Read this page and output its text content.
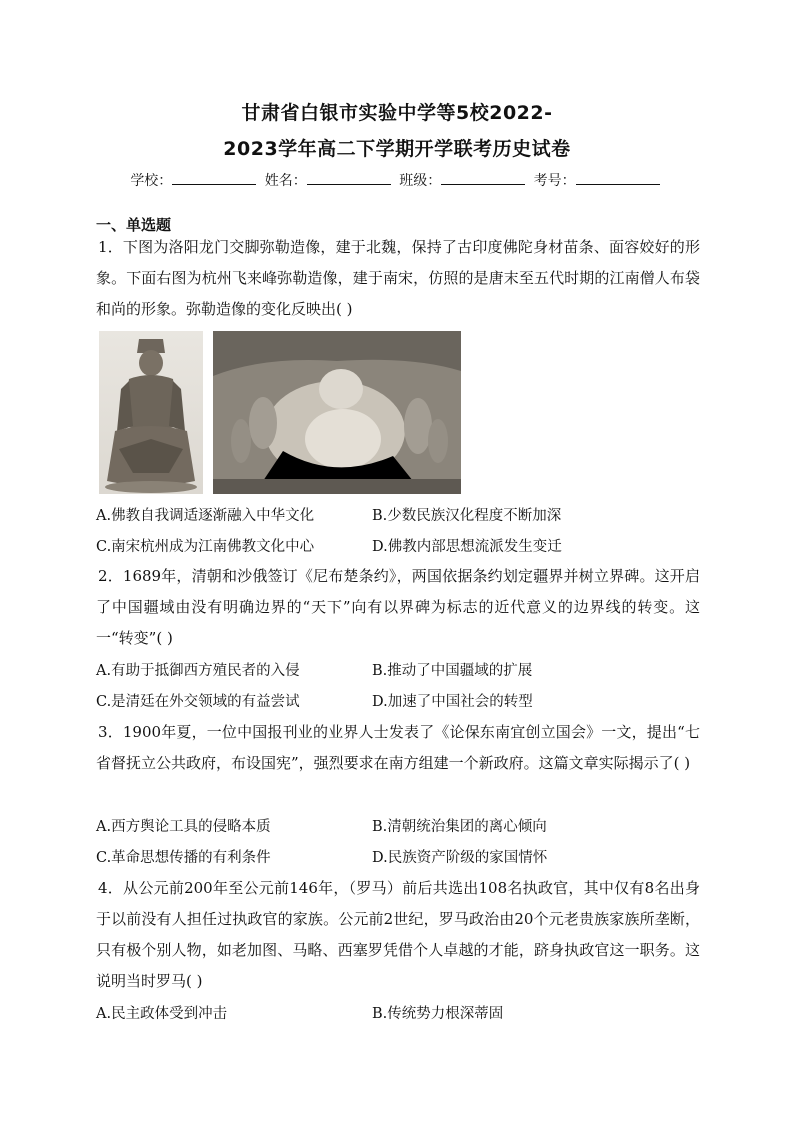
甘肃省白银市实验中学等5校2022-
2023学年高二下学期开学联考历史试卷
学校：	姓名：	班级：	考号：
一、单选题
1．下图为洛阳龙门交脚弥勒造像，建于北魏，保持了古印度佛陀身材苗条、面容姣好的形象。下面右图为杭州飞来峰弥勒造像，建于南宋，仿照的是唐末至五代时期的江南僧人布袋和尚的形象。弥勒造像的变化反映出( )
A.佛教自我调适逐渐融入中华文化	B.少数民族汉化程度不断加深
C.南宋杭州成为江南佛教文化中心	D.佛教内部思想流派发生变迁
2．1689年，清朝和沙俄签订《尼布楚条约》，两国依据条约划定疆界并树立界碑。这开启了中国疆域由没有明确边界的“天下”向有以界碑为标志的近代意义的边界线的转变。这一“转变”( )
A.有助于抵御西方殖民者的入侵	B.推动了中国疆域的扩展
C.是清廷在外交领域的有益尝试	D.加速了中国社会的转型
3．1900年夏，一位中国报刊业的业界人士发表了《论保东南宜创立国会》一文，提出“七省督抚立公共政府，布设国宪”，强烈要求在南方组建一个新政府。这篇文章实际揭示了( )
A.西方舆论工具的侵略本质	B.清朝统治集团的离心倾向
C.革命思想传播的有利条件	D.民族资产阶级的家国情怀
4．从公元前200年至公元前146年，（罗马）前后共选出108名执政官，其中仅有8名出身于以前没有人担任过执政官的家族。公元前2世纪，罗马政治由20个元老贵族家族所垄断，只有极个别人物，如老加图、马略、西塞罗凭借个人卓越的才能，跻身执政官这一职务。这说明当时罗马( )
A.民主政体受到冲击	B.传统势力根深蒂固
